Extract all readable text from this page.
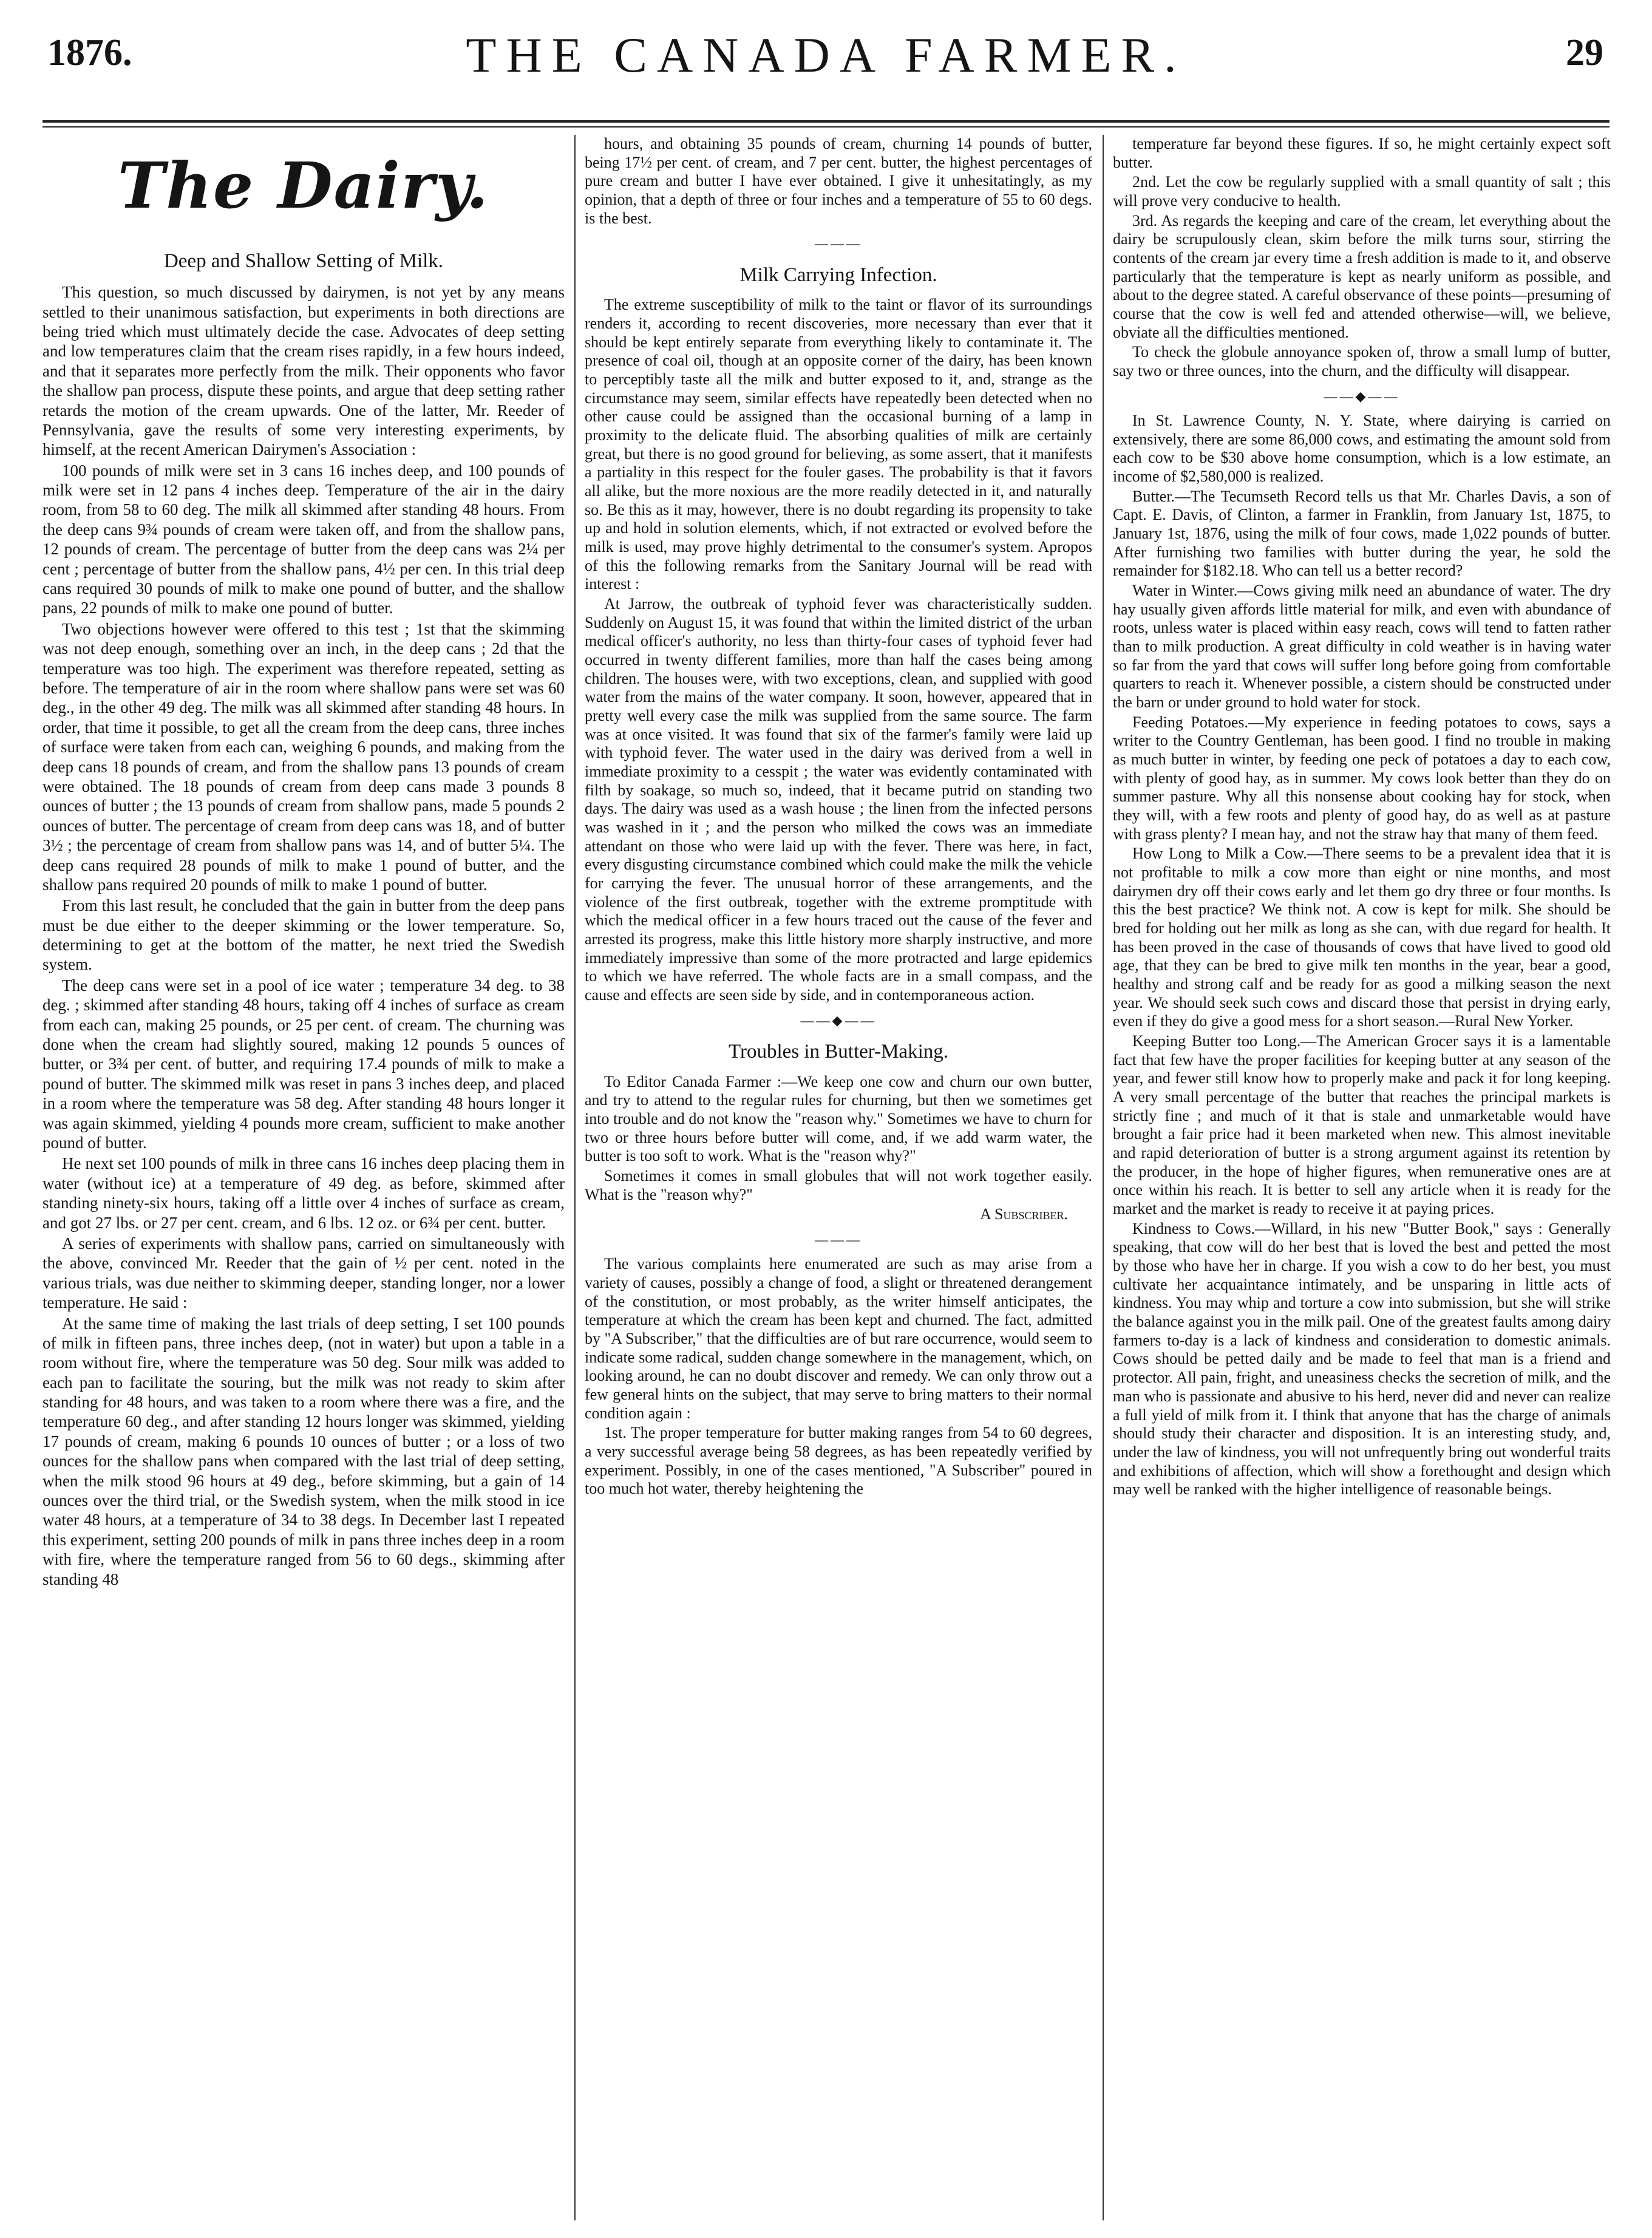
1876.	THE CANADA FARMER.	29
The Dairy.
Deep and Shallow Setting of Milk.

This question, so much discussed by dairymen, is not yet by any means settled to their unanimous satisfaction, but experiments in both directions are being tried which must ultimately decide the case. Advocates of deep setting and low temperatures claim that the cream rises rapidly, in a few hours indeed, and that it separates more perfectly from the milk. Their opponents who favor the shallow pan process, dispute these points, and argue that deep setting rather retards the motion of the cream upwards. One of the latter, Mr. Reeder of Pennsylvania, gave the results of some very interesting experiments, by himself, at the recent American Dairymen's Association :

100 pounds of milk were set in 3 cans 16 inches deep, and 100 pounds of milk were set in 12 pans 4 inches deep. Temperature of the air in the dairy room, from 58 to 60 deg. The milk all skimmed after standing 48 hours. From the deep cans 9¾ pounds of cream were taken off, and from the shallow pans, 12 pounds of cream. The percentage of butter from the deep cans was 2¼ per cent ; percentage of butter from the shallow pans, 4½ per cen. In this trial deep cans required 30 pounds of milk to make one pound of butter, and the shallow pans, 22 pounds of milk to make one pound of butter.

Two objections however were offered to this test ; 1st that the skimming was not deep enough, something over an inch, in the deep cans ; 2d that the temperature was too high. The experiment was therefore repeated, setting as before. The temperature of air in the room where shallow pans were set was 60 deg., in the other 49 deg. The milk was all skimmed after standing 48 hours. In order, that time it possible, to get all the cream from the deep cans, three inches of surface were taken from each can, weighing 6 pounds, and making from the deep cans 18 pounds of cream, and from the shallow pans 13 pounds of cream were obtained. The 18 pounds of cream from deep cans made 3 pounds 8 ounces of butter ; the 13 pounds of cream from shallow pans, made 5 pounds 2 ounces of butter. The percentage of cream from deep cans was 18, and of butter 3½ ; the percentage of cream from shallow pans was 14, and of butter 5¼. The deep cans required 28 pounds of milk to make 1 pound of butter, and the shallow pans required 20 pounds of milk to make 1 pound of butter.

From this last result, he concluded that the gain in butter from the deep pans must be due either to the deeper skimming or the lower temperature. So, determining to get at the bottom of the matter, he next tried the Swedish system.

The deep cans were set in a pool of ice water ; temperature 34 deg. to 38 deg. ; skimmed after standing 48 hours, taking off 4 inches of surface as cream from each can, making 25 pounds, or 25 per cent. of cream. The churning was done when the cream had slightly soured, making 12 pounds 5 ounces of butter, or 3¾ per cent. of butter, and requiring 17.4 pounds of milk to make a pound of butter. The skimmed milk was reset in pans 3 inches deep, and placed in a room where the temperature was 58 deg. After standing 48 hours longer it was again skimmed, yielding 4 pounds more cream, sufficient to make another pound of butter.

He next set 100 pounds of milk in three cans 16 inches deep placing them in water (without ice) at a temperature of 49 deg. as before, skimmed after standing ninety-six hours, taking off a little over 4 inches of surface as cream, and got 27 lbs. or 27 per cent. cream, and 6 lbs. 12 oz. or 6¾ per cent. butter.

A series of experiments with shallow pans, carried on simultaneously with the above, convinced Mr. Reeder that the gain of ½ per cent. noted in the various trials, was due neither to skimming deeper, standing longer, nor a lower temperature. He said :

At the same time of making the last trials of deep setting, I set 100 pounds of milk in fifteen pans, three inches deep, (not in water) but upon a table in a room without fire, where the temperature was 50 deg. Sour milk was added to each pan to facilitate the souring, but the milk was not ready to skim after standing for 48 hours, and was taken to a room where there was a fire, and the temperature 60 deg., and after standing 12 hours longer was skimmed, yielding 17 pounds of cream, making 6 pounds 10 ounces of butter ; or a loss of two ounces for the shallow pans when compared with the last trial of deep setting, when the milk stood 96 hours at 49 deg., before skimming, but a gain of 14 ounces over the third trial, or the Swedish system, when the milk stood in ice water 48 hours, at a temperature of 34 to 38 degs. In December last I repeated this experiment, setting 200 pounds of milk in pans three inches deep in a room with fire, where the temperature ranged from 56 to 60 degs., skimming after standing 48

hours, and obtaining 35 pounds of cream, churning 14 pounds of butter, being 17½ per cent. of cream, and 7 per cent. butter, the highest percentages of pure cream and butter I have ever obtained. I give it unhesitatingly, as my opinion, that a depth of three or four inches and a temperature of 55 to 60 degs. is the best.

———
Milk Carrying Infection.

The extreme susceptibility of milk to the taint or flavor of its surroundings renders it, according to recent discoveries, more necessary than ever that it should be kept entirely separate from everything likely to contaminate it. The presence of coal oil, though at an opposite corner of the dairy, has been known to perceptibly taste all the milk and butter exposed to it, and, strange as the circumstance may seem, similar effects have repeatedly been detected when no other cause could be assigned than the occasional burning of a lamp in proximity to the delicate fluid. The absorbing qualities of milk are certainly great, but there is no good ground for believing, as some assert, that it manifests a partiality in this respect for the fouler gases. The probability is that it favors all alike, but the more noxious are the more readily detected in it, and naturally so. Be this as it may, however, there is no doubt regarding its propensity to take up and hold in solution elements, which, if not extracted or evolved before the milk is used, may prove highly detrimental to the consumer's system. Apropos of this the following remarks from the Sanitary Journal will be read with interest :

At Jarrow, the outbreak of typhoid fever was characteristically sudden. Suddenly on August 15, it was found that within the limited district of the urban medical officer's authority, no less than thirty-four cases of typhoid fever had occurred in twenty different families, more than half the cases being among children. The houses were, with two exceptions, clean, and supplied with good water from the mains of the water company. It soon, however, appeared that in pretty well every case the milk was supplied from the same source. The farm was at once visited. It was found that six of the farmer's family were laid up with typhoid fever. The water used in the dairy was derived from a well in immediate proximity to a cesspit ; the water was evidently contaminated with filth by soakage, so much so, indeed, that it became putrid on standing two days. The dairy was used as a wash house ; the linen from the infected persons was washed in it ; and the person who milked the cows was an immediate attendant on those who were laid up with the fever. There was here, in fact, every disgusting circumstance combined which could make the milk the vehicle for carrying the fever. The unusual horror of these arrangements, and the violence of the first outbreak, together with the extreme promptitude with which the medical officer in a few hours traced out the cause of the fever and arrested its progress, make this little history more sharply instructive, and more immediately impressive than some of the more protracted and large epidemics to which we have referred. The whole facts are in a small compass, and the cause and effects are seen side by side, and in contemporaneous action.

——◆——
Troubles in Butter-Making.

To Editor Canada Farmer :—We keep one cow and churn our own butter, and try to attend to the regular rules for churning, but then we sometimes get into trouble and do not know the "reason why." Sometimes we have to churn for two or three hours before butter will come, and, if we add warm water, the butter is too soft to work. What is the "reason why?"

Sometimes it comes in small globules that will not work together easily. What is the "reason why?"

A Subscriber.

———

The various complaints here enumerated are such as may arise from a variety of causes, possibly a change of food, a slight or threatened derangement of the constitution, or most probably, as the writer himself anticipates, the temperature at which the cream has been kept and churned. The fact, admitted by "A Subscriber," that the difficulties are of but rare occurrence, would seem to indicate some radical, sudden change somewhere in the management, which, on looking around, he can no doubt discover and remedy. We can only throw out a few general hints on the subject, that may serve to bring matters to their normal condition again :

1st. The proper temperature for butter making ranges from 54 to 60 degrees, a very successful average being 58 degrees, as has been repeatedly verified by experiment. Possibly, in one of the cases mentioned, "A Subscriber" poured in too much hot water, thereby heightening the

temperature far beyond these figures. If so, he might certainly expect soft butter.

2nd. Let the cow be regularly supplied with a small quantity of salt ; this will prove very conducive to health.

3rd. As regards the keeping and care of the cream, let everything about the dairy be scrupulously clean, skim before the milk turns sour, stirring the contents of the cream jar every time a fresh addition is made to it, and observe particularly that the temperature is kept as nearly uniform as possible, and about to the degree stated. A careful observance of these points—presuming of course that the cow is well fed and attended otherwise—will, we believe, obviate all the difficulties mentioned.

To check the globule annoyance spoken of, throw a small lump of butter, say two or three ounces, into the churn, and the difficulty will disappear.

——◆——

In St. Lawrence County, N. Y. State, where dairying is carried on extensively, there are some 86,000 cows, and estimating the amount sold from each cow to be $30 above home consumption, which is a low estimate, an income of $2,580,000 is realized.

Butter.—The Tecumseth Record tells us that Mr. Charles Davis, a son of Capt. E. Davis, of Clinton, a farmer in Franklin, from January 1st, 1875, to January 1st, 1876, using the milk of four cows, made 1,022 pounds of butter. After furnishing two families with butter during the year, he sold the remainder for $182.18. Who can tell us a better record?

Water in Winter.—Cows giving milk need an abundance of water. The dry hay usually given affords little material for milk, and even with abundance of roots, unless water is placed within easy reach, cows will tend to fatten rather than to milk production. A great difficulty in cold weather is in having water so far from the yard that cows will suffer long before going from comfortable quarters to reach it. Whenever possible, a cistern should be constructed under the barn or under ground to hold water for stock.

Feeding Potatoes.—My experience in feeding potatoes to cows, says a writer to the Country Gentleman, has been good. I find no trouble in making as much butter in winter, by feeding one peck of potatoes a day to each cow, with plenty of good hay, as in summer. My cows look better than they do on summer pasture. Why all this nonsense about cooking hay for stock, when they will, with a few roots and plenty of good hay, do as well as at pasture with grass plenty? I mean hay, and not the straw hay that many of them feed.

How Long to Milk a Cow.—There seems to be a prevalent idea that it is not profitable to milk a cow more than eight or nine months, and most dairymen dry off their cows early and let them go dry three or four months. Is this the best practice? We think not. A cow is kept for milk. She should be bred for holding out her milk as long as she can, with due regard for health. It has been proved in the case of thousands of cows that have lived to good old age, that they can be bred to give milk ten months in the year, bear a good, healthy and strong calf and be ready for as good a milking season the next year. We should seek such cows and discard those that persist in drying early, even if they do give a good mess for a short season.—Rural New Yorker.

Keeping Butter too Long.—The American Grocer says it is a lamentable fact that few have the proper facilities for keeping butter at any season of the year, and fewer still know how to properly make and pack it for long keeping. A very small percentage of the butter that reaches the principal markets is strictly fine ; and much of it that is stale and unmarketable would have brought a fair price had it been marketed when new. This almost inevitable and rapid deterioration of butter is a strong argument against its retention by the producer, in the hope of higher figures, when remunerative ones are at once within his reach. It is better to sell any article when it is ready for the market and the market is ready to receive it at paying prices.

Kindness to Cows.—Willard, in his new "Butter Book," says : Generally speaking, that cow will do her best that is loved the best and petted the most by those who have her in charge. If you wish a cow to do her best, you must cultivate her acquaintance intimately, and be unsparing in little acts of kindness. You may whip and torture a cow into submission, but she will strike the balance against you in the milk pail. One of the greatest faults among dairy farmers to-day is a lack of kindness and consideration to domestic animals. Cows should be petted daily and be made to feel that man is a friend and protector. All pain, fright, and uneasiness checks the secretion of milk, and the man who is passionate and abusive to his herd, never did and never can realize a full yield of milk from it. I think that anyone that has the charge of animals should study their character and disposition. It is an interesting study, and, under the law of kindness, you will not unfrequently bring out wonderful traits and exhibitions of affection, which will show a forethought and design which may well be ranked with the higher intelligence of reasonable beings.
